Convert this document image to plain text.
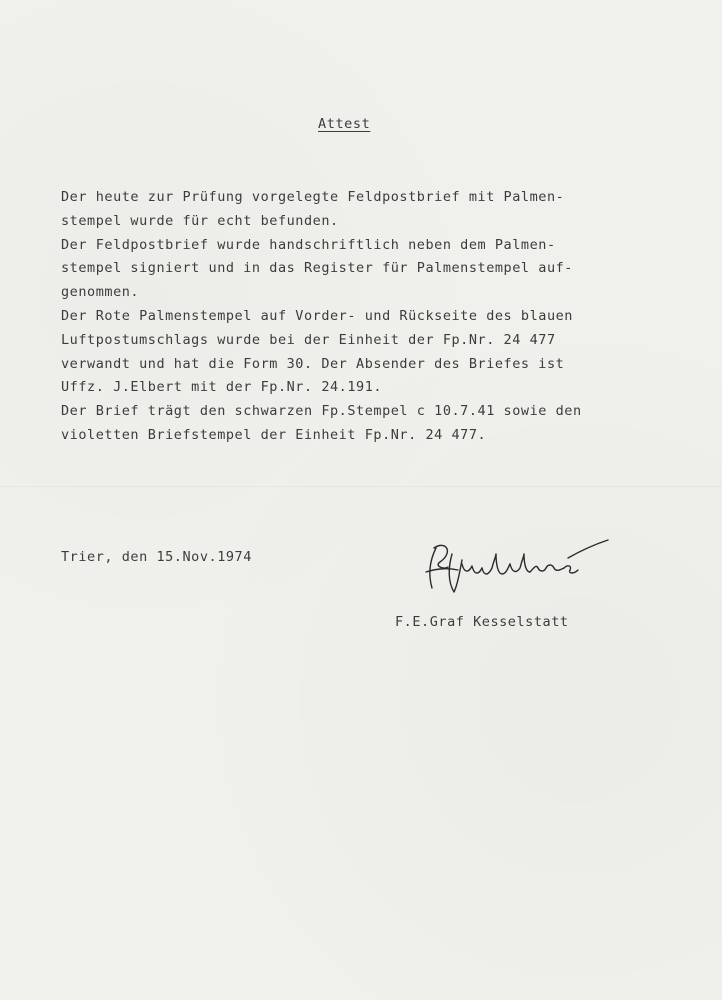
Attest
Der heute zur Prüfung vorgelegte Feldpostbrief mit Palmen-
stempel wurde für echt befunden.
Der Feldpostbrief wurde handschriftlich neben dem Palmen-
stempel signiert und in das Register für Palmenstempel auf-
genommen.
Der Rote Palmenstempel auf Vorder- und Rückseite des blauen
Luftpostumschlags wurde bei der Einheit der Fp.Nr. 24 477
verwandt und hat die Form 30. Der Absender des Briefes ist
Uffz. J.Elbert mit der Fp.Nr. 24.191.
Der Brief trägt den schwarzen Fp.Stempel c 10.7.41 sowie den
violetten Briefstempel der Einheit Fp.Nr. 24 477.
Trier, den 15.Nov.1974
F.E.Graf Kesselstatt
